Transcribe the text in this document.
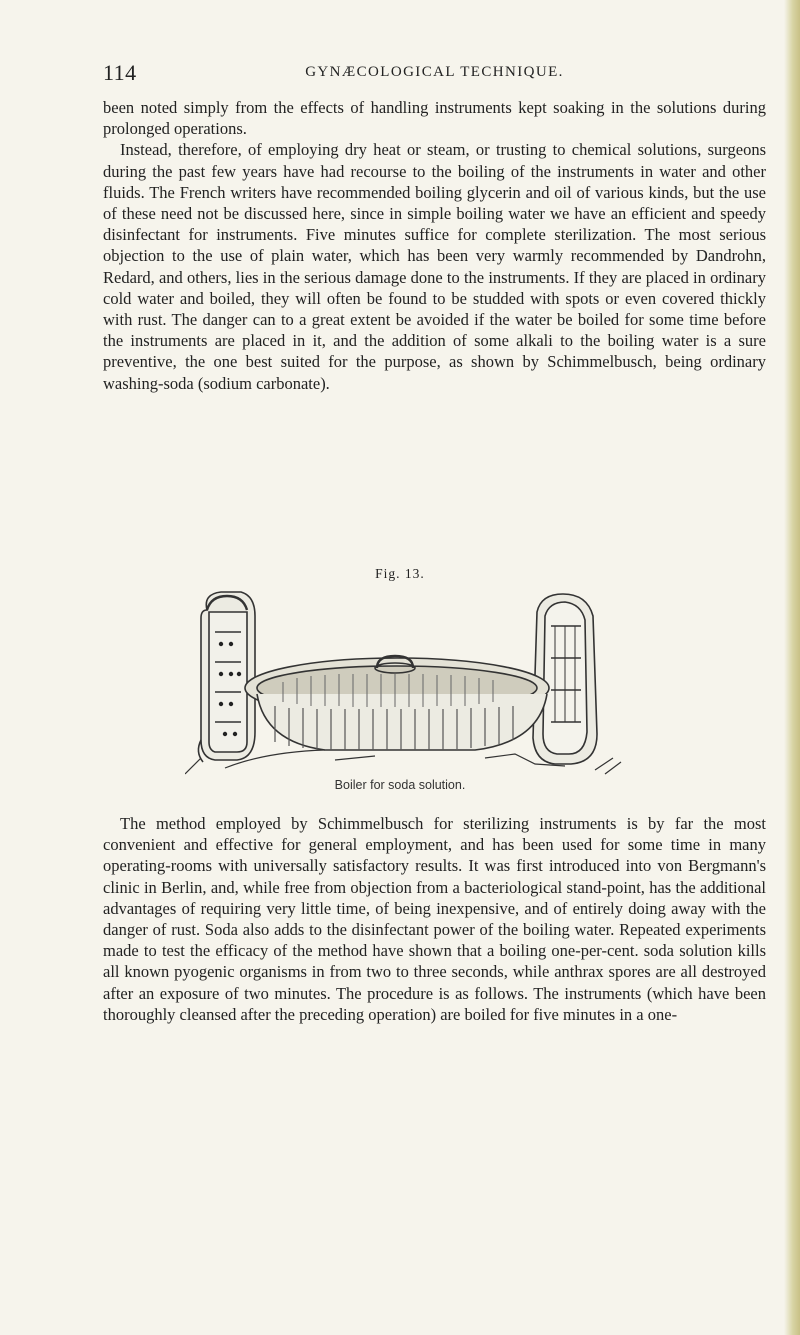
114	GYNÆCOLOGICAL TECHNIQUE.

been noted simply from the effects of handling instruments kept soaking in the solutions during prolonged operations.

Instead, therefore, of employing dry heat or steam, or trusting to chemical solutions, surgeons during the past few years have had recourse to the boiling of the instruments in water and other fluids. The French writers have recommended boiling glycerin and oil of various kinds, but the use of these need not be discussed here, since in simple boiling water we have an efficient and speedy disinfectant for instruments. Five minutes suffice for complete sterilization. The most serious objection to the use of plain water, which has been very warmly recommended by Dandrohn, Redard, and others, lies in the serious damage done to the instruments. If they are placed in ordinary cold water and boiled, they will often be found to be studded with spots or even covered thickly with rust. The danger can to a great extent be avoided if the water be boiled for some time before the instruments are placed in it, and the addition of some alkali to the boiling water is a sure preventive, the one best suited for the purpose, as shown by Schimmelbusch, being ordinary washing-soda (sodium carbonate).

Fig. 13.
Boiler for soda solution.

The method employed by Schimmelbusch for sterilizing instruments is by far the most convenient and effective for general employment, and has been used for some time in many operating-rooms with universally satisfactory results. It was first introduced into von Bergmann's clinic in Berlin, and, while free from objection from a bacteriological stand-point, has the additional advantages of requiring very little time, of being inexpensive, and of entirely doing away with the danger of rust. Soda also adds to the disinfectant power of the boiling water. Repeated experiments made to test the efficacy of the method have shown that a boiling one-per-cent. soda solution kills all known pyogenic organisms in from two to three seconds, while anthrax spores are all destroyed after an exposure of two minutes. The procedure is as follows. The instruments (which have been thoroughly cleansed after the preceding operation) are boiled for five minutes in a one-
